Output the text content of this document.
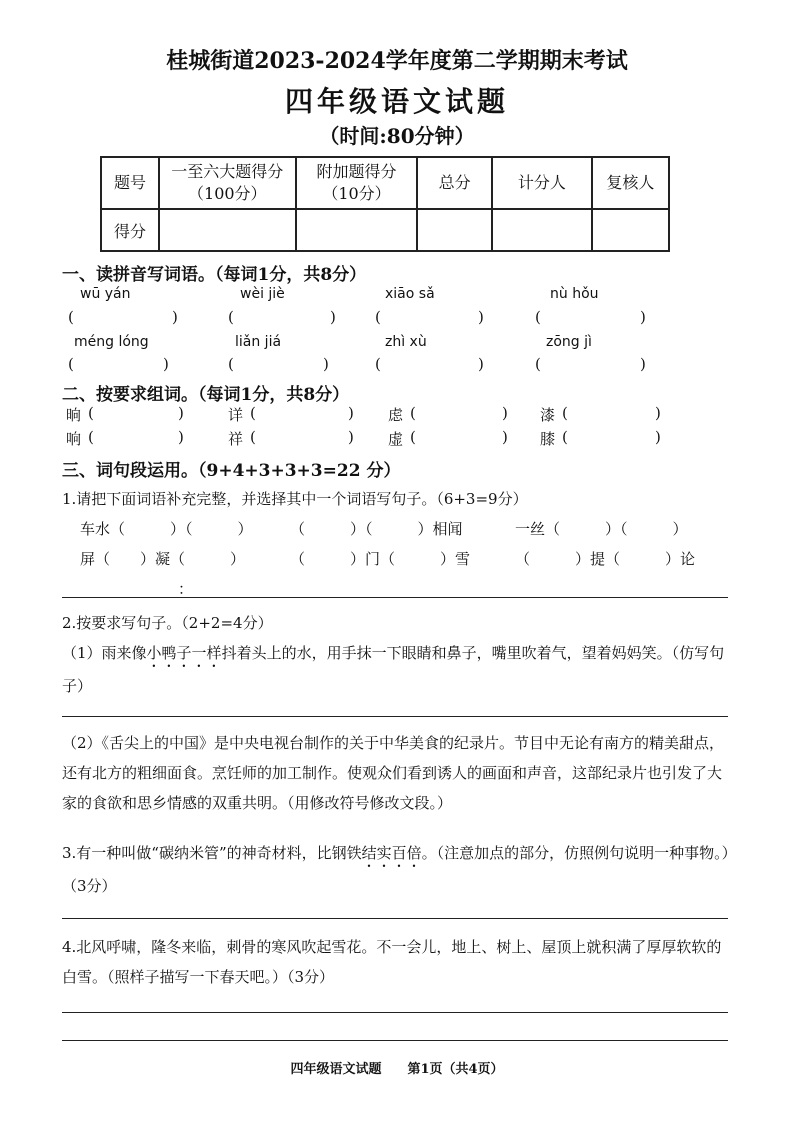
桂城街道2023-2024学年度第二学期期末考试
四年级语文试题
（时间:80分钟）
题号	一至六大题得分（100分）	附加题得分（10分）	总分	计分人	复核人
得分					
一、读拼音写词语。（每词1分，共8分）
wū yán	wèi jiè	xiāo sǎ	nù hǒu
(	)	(	)	(	)	(	)
méng lóng	liǎn jiá	zhì xù	zōng jì
(	)	(	)	(	)	(	)
二、按要求组词。（每词1分，共8分）
晌 (	)	详 (	) 虑 (	) 漆 (	)
响 (	)	祥 (	) 虚 (	) 膝 (	)
三、词句段运用。（9+4+3+3+3=22 分）
1.请把下面词语补充完整，并选择其中一个词语写句子。（6+3=9分）
车水（　　　）（　　　） （　　　）（　　　）相闻	一丝（　　　）（　　　）
屏（　　）凝（　　　）	（　　　）门（　　　）雪	（　　　）提（　　　）论
：
2.按要求写句子。（2+2=4分）
（1）雨来像小鸭子一样抖着头上的水，用手抹一下眼睛和鼻子，嘴里吹着气，望着妈妈笑。（仿写句子）
（2）《舌尖上的中国》是中央电视台制作的关于中华美食的纪录片。节目中无论有南方的精美甜点，还有北方的粗细面食。烹饪师的加工制作。使观众们看到诱人的画面和声音，这部纪录片也引发了大家的食欲和思乡情感的双重共明。（用修改符号修改文段。）
3.有一种叫做“碳纳米管”的神奇材料，比钢铁结实百倍。（注意加点的部分，仿照例句说明一种事物。）（3分）
4.北风呼啸，隆冬来临，刺骨的寒风吹起雪花。不一会儿，地上、树上、屋顶上就积满了厚厚软软的白雪。（照样子描写一下春天吧。）（3分）
四年级语文试题　　第1页（共4页）
